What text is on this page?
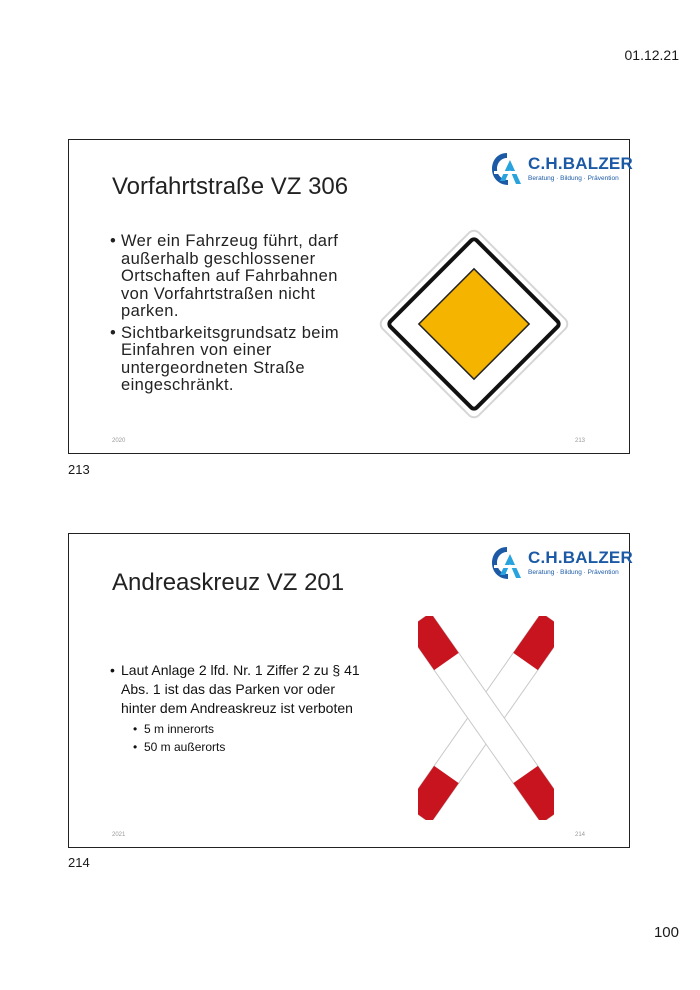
01.12.21
Vorfahrtstraße VZ 306
C.H.BALZER
Beratung · Bildung · Prävention
• Wer ein Fahrzeug führt, darf außerhalb geschlossener Ortschaften auf Fahrbahnen von Vorfahrtstraßen nicht parken.
• Sichtbarkeitsgrundsatz beim Einfahren von einer untergeordneten Straße eingeschränkt.
2020	213
213
Andreaskreuz VZ 201
C.H.BALZER
Beratung · Bildung · Prävention
• Laut Anlage 2 lfd. Nr. 1 Ziffer 2 zu § 41 Abs. 1 ist das das Parken vor oder hinter dem Andreaskreuz ist verboten
• 5 m innerorts
• 50 m außerorts
2021	214
214
100
